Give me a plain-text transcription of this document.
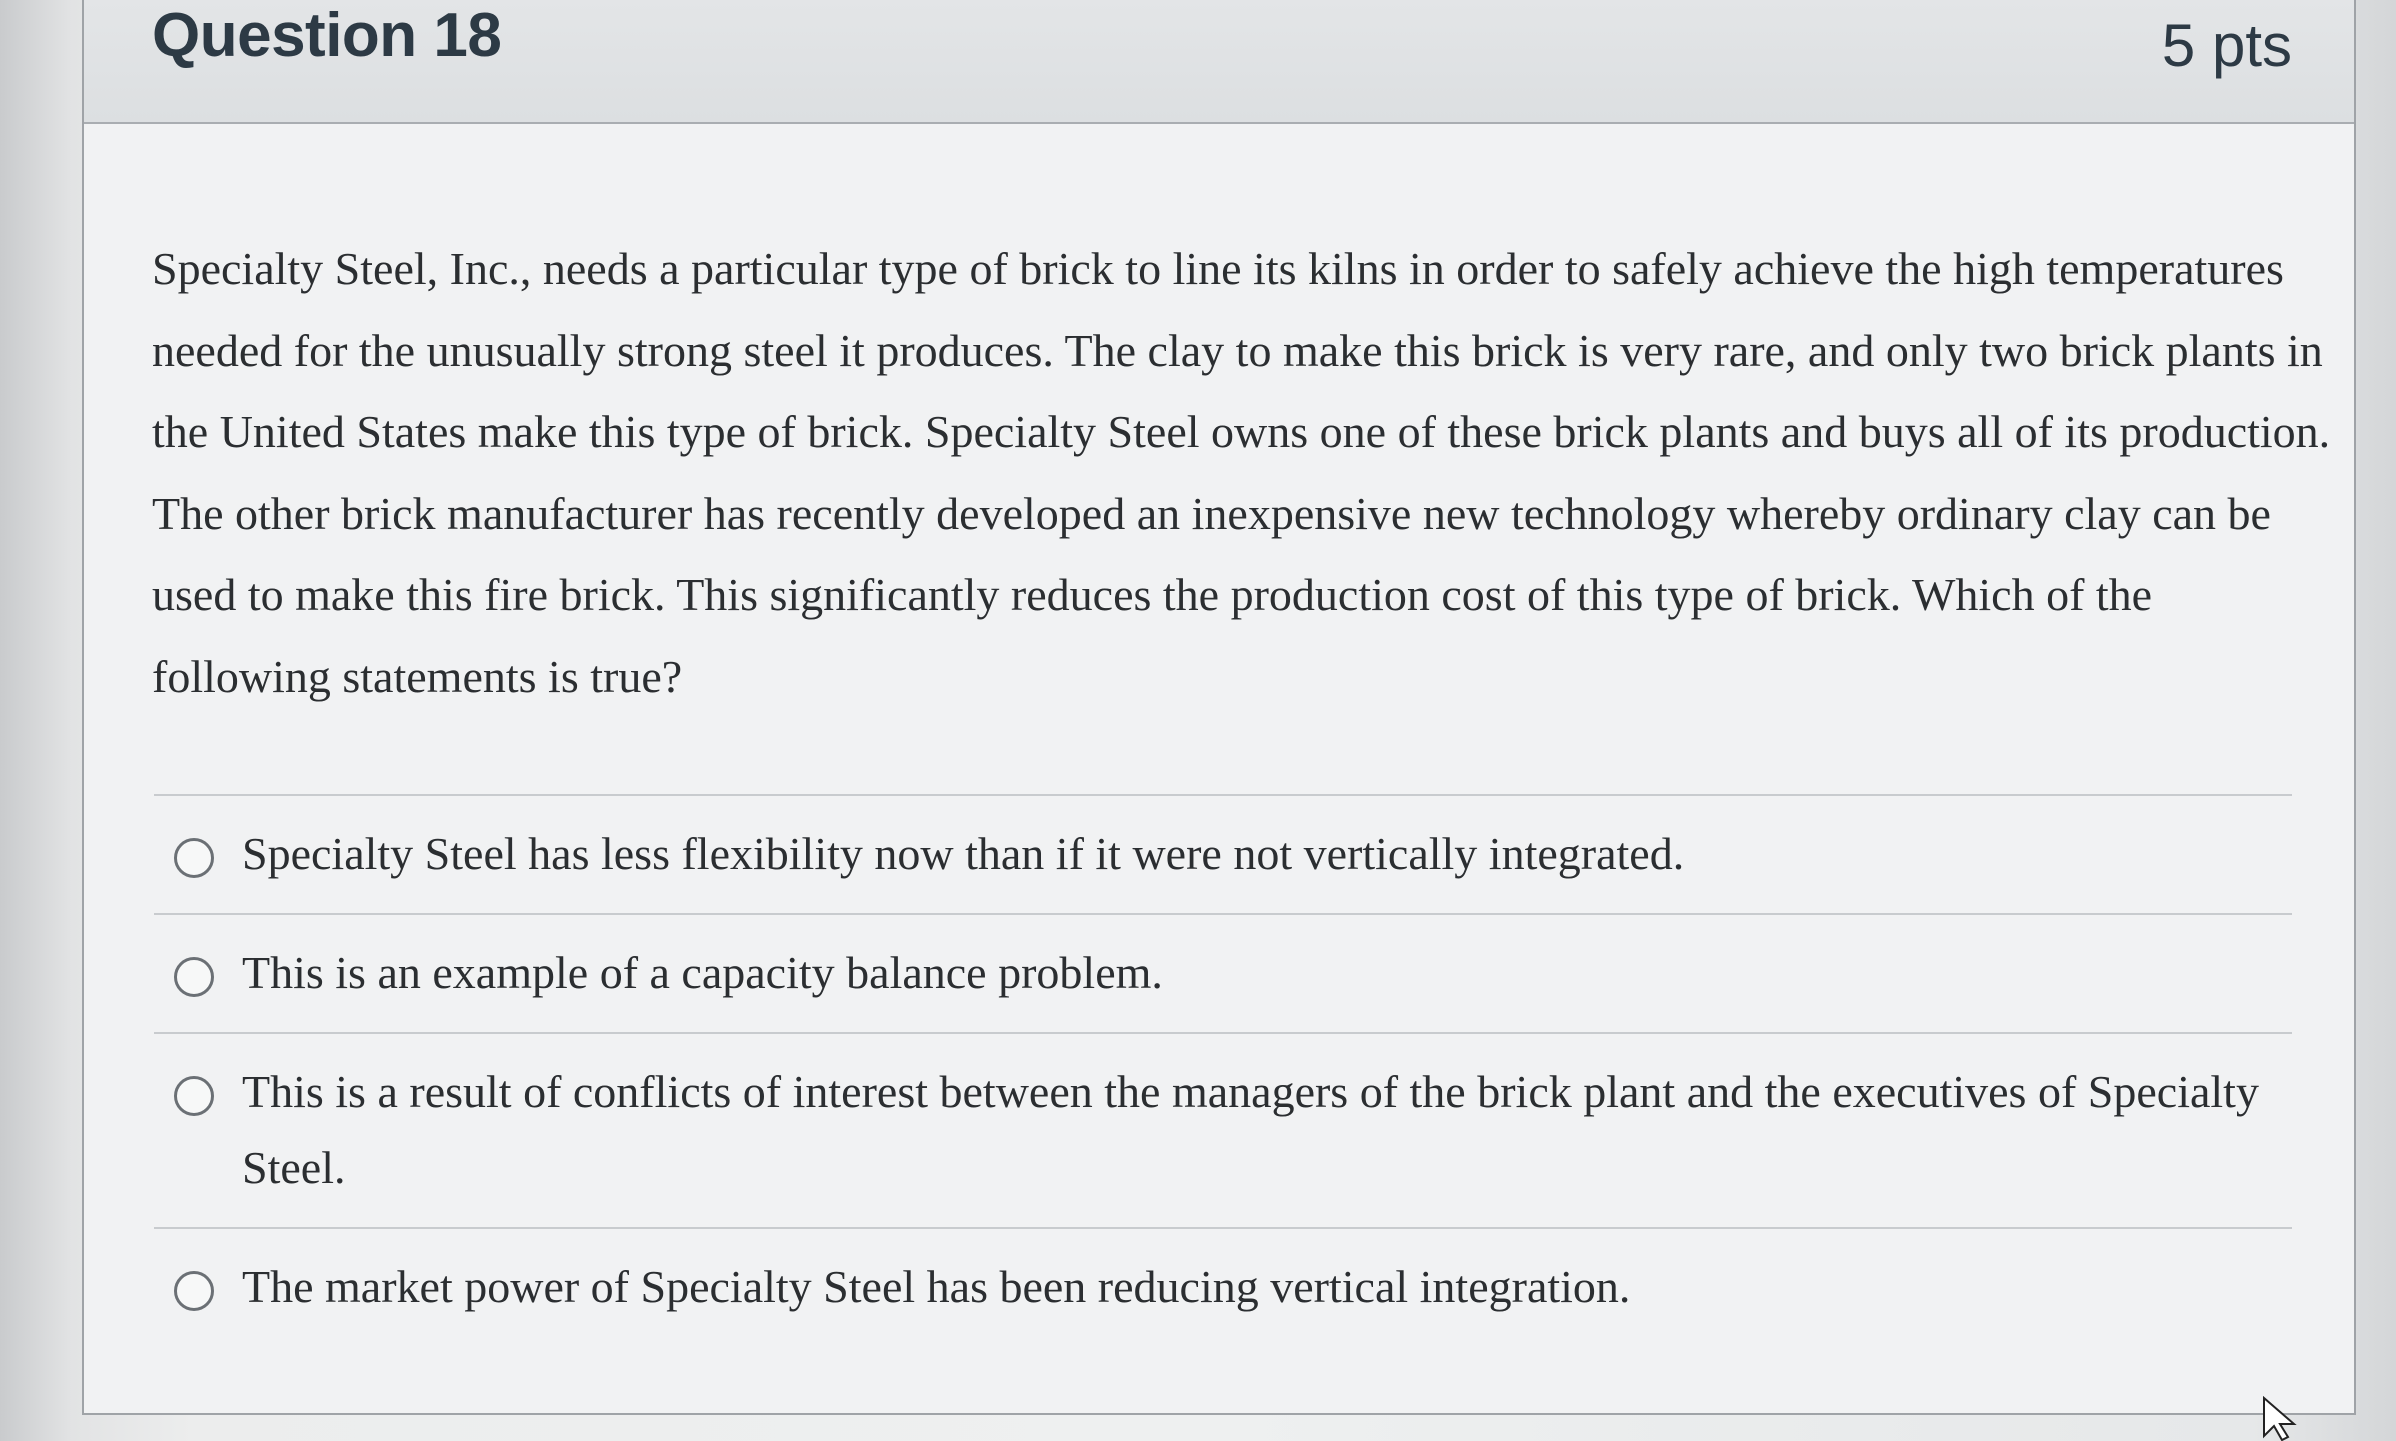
Question 18	5 pts

Specialty Steel, Inc., needs a particular type of brick to line its kilns in order to safely achieve the high temperatures needed for the unusually strong steel it produces. The clay to make this brick is very rare, and only two brick plants in the United States make this type of brick. Specialty Steel owns one of these brick plants and buys all of its production. The other brick manufacturer has recently developed an inexpensive new technology whereby ordinary clay can be used to make this fire brick. This significantly reduces the production cost of this type of brick. Which of the following statements is true?

Specialty Steel has less flexibility now than if it were not vertically integrated.
This is an example of a capacity balance problem.
This is a result of conflicts of interest between the managers of the brick plant and the executives of Specialty Steel.
The market power of Specialty Steel has been reducing vertical integration.
